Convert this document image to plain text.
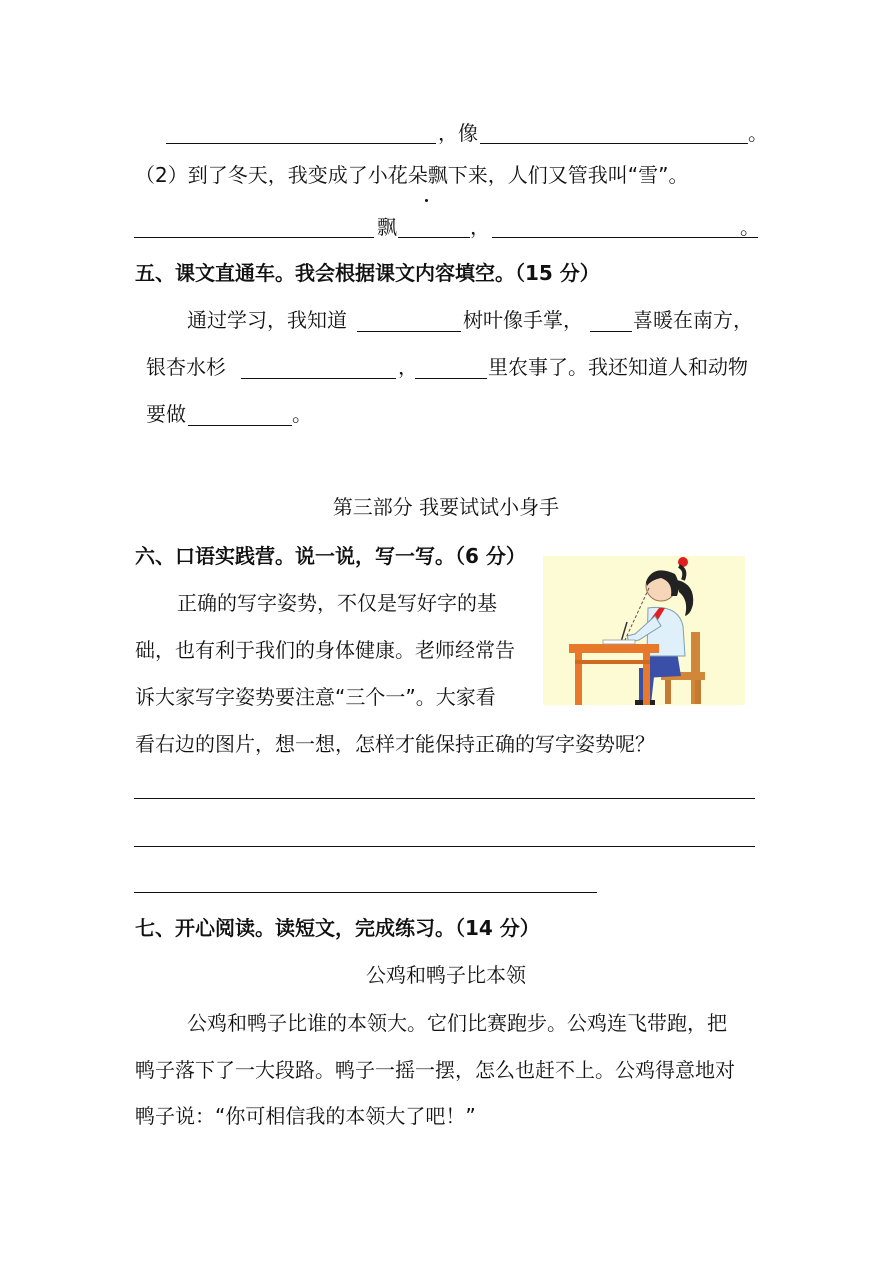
，像	。
（2）到了冬天，我变成了小花朵飘下来，人们又管我叫“雪”。
飘	，	。
五、课文直通车。我会根据课文内容填空。（15 分）
通过学习，我知道	树叶像手掌，	喜暖在南方，
银杏水杉	，	里农事了。我还知道人和动物
要做	。
第三部分 我要试试小身手
六、口语实践营。说一说，写一写。（6 分）
正确的写字姿势，不仅是写好字的基
础，也有利于我们的身体健康。老师经常告
诉大家写字姿势要注意“三个一”。大家看
看右边的图片，想一想，怎样才能保持正确的写字姿势呢？
七、开心阅读。读短文，完成练习。（14 分）
公鸡和鸭子比本领
公鸡和鸭子比谁的本领大。它们比赛跑步。公鸡连飞带跑，把
鸭子落下了一大段路。鸭子一摇一摆，怎么也赶不上。公鸡得意地对
鸭子说：“你可相信我的本领大了吧！”
